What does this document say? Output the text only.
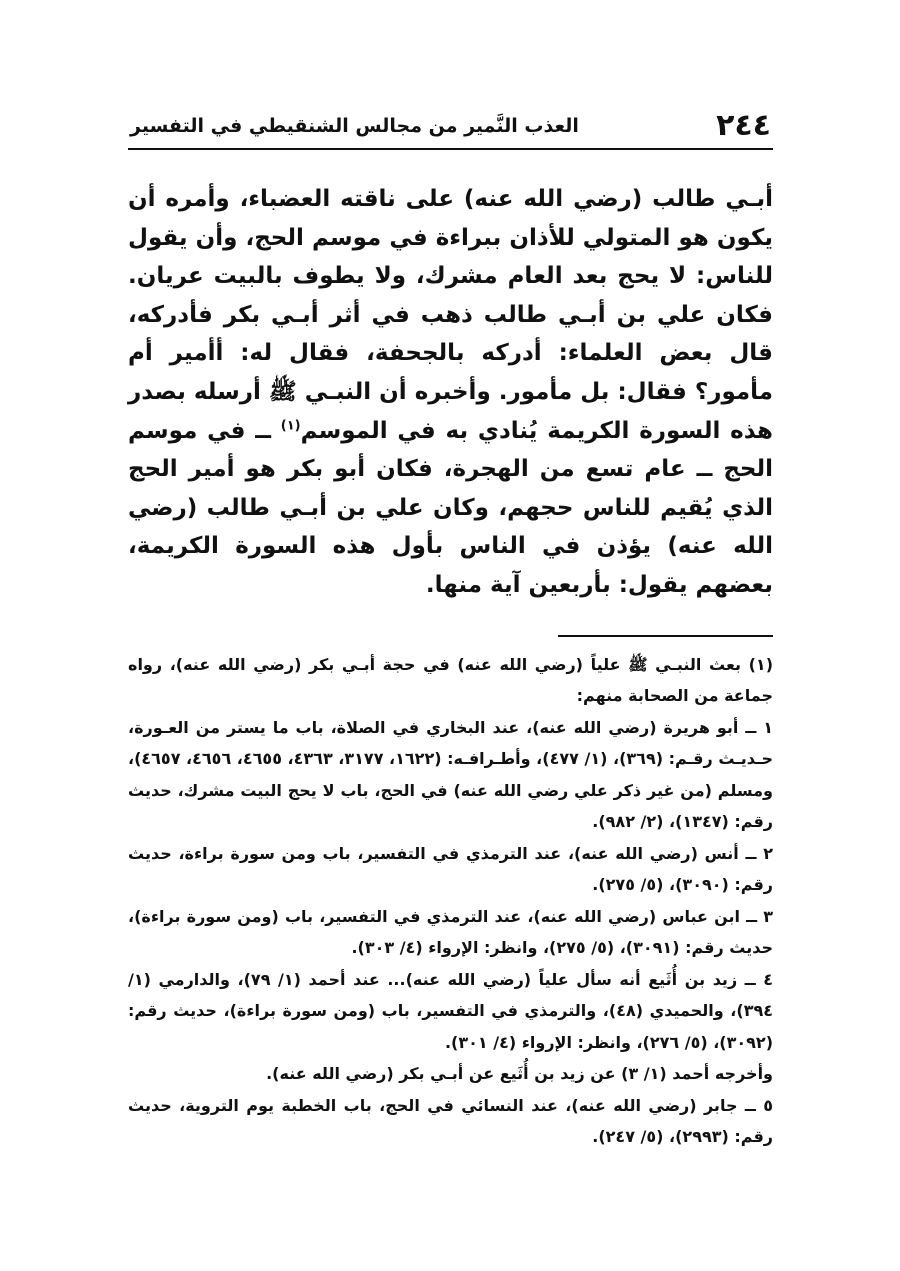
٢٤٤
العذب النَّمير من مجالس الشنقيطي في التفسير

أبـي طالب (رضي الله عنه) على ناقته العضباء، وأمره أن يكون هو المتولي للأذان ببراءة في موسم الحج، وأن يقول للناس: لا يحج بعد العام مشرك، ولا يطوف بالبيت عريان. فكان علي بن أبـي طالب ذهب في أثر أبـي بكر فأدركه، قال بعض العلماء: أدركه بالجحفة، فقال له: أأمير أم مأمور؟ فقال: بل مأمور. وأخبره أن النبـي ﷺ أرسله بصدر هذه السورة الكريمة يُنادي به في الموسم$^{(١)}$ ــ في موسم الحج ــ عام تسع من الهجرة، فكان أبو بكر هو أمير الحج الذي يُقيم للناس حجهم، وكان علي بن أبـي طالب (رضي الله عنه) يؤذن في الناس بأول هذه السورة الكريمة، بعضهم يقول: بأربعين آية منها.

(١) بعث النبـي ﷺ علياً (رضي الله عنه) في حجة أبـي بكر (رضي الله عنه)، رواه جماعة من الصحابة منهم:

١ ــ أبو هريرة (رضي الله عنه)، عند البخاري في الصلاة، باب ما يستر من العـورة، حـديـث رقـم: (٣٦٩)، (١/ ٤٧٧)، وأطـرافـه: (١٦٢٢، ٣١٧٧، ٤٣٦٣، ٤٦٥٥، ٤٦٥٦، ٤٦٥٧)، ومسلم (من غير ذكر علي رضي الله عنه) في الحج، باب لا يحج البيت مشرك، حديث رقم: (١٣٤٧)، (٢/ ٩٨٢).

٢ ــ أنس (رضي الله عنه)، عند الترمذي في التفسير، باب ومن سورة براءة، حديث رقم: (٣٠٩٠)، (٥/ ٢٧٥).

٣ ــ ابن عباس (رضي الله عنه)، عند الترمذي في التفسير، باب (ومن سورة براءة)، حديث رقم: (٣٠٩١)، (٥/ ٢٧٥)، وانظر: الإرواء (٤/ ٣٠٣).

٤ ــ زيد بن أُثَيع أنه سأل علياً (رضي الله عنه)... عند أحمد (١/ ٧٩)، والدارمي (١/ ٣٩٤)، والحميدي (٤٨)، والترمذي في التفسير، باب (ومن سورة براءة)، حديث رقم: (٣٠٩٢)، (٥/ ٢٧٦)، وانظر: الإرواء (٤/ ٣٠١).

وأخرجه أحمد (١/ ٣) عن زيد بن أُثَيع عن أبـي بكر (رضي الله عنه).

٥ ــ جابر (رضي الله عنه)، عند النسائي في الحج، باب الخطبة يوم التروية، حديث رقم: (٢٩٩٣)، (٥/ ٢٤٧).
